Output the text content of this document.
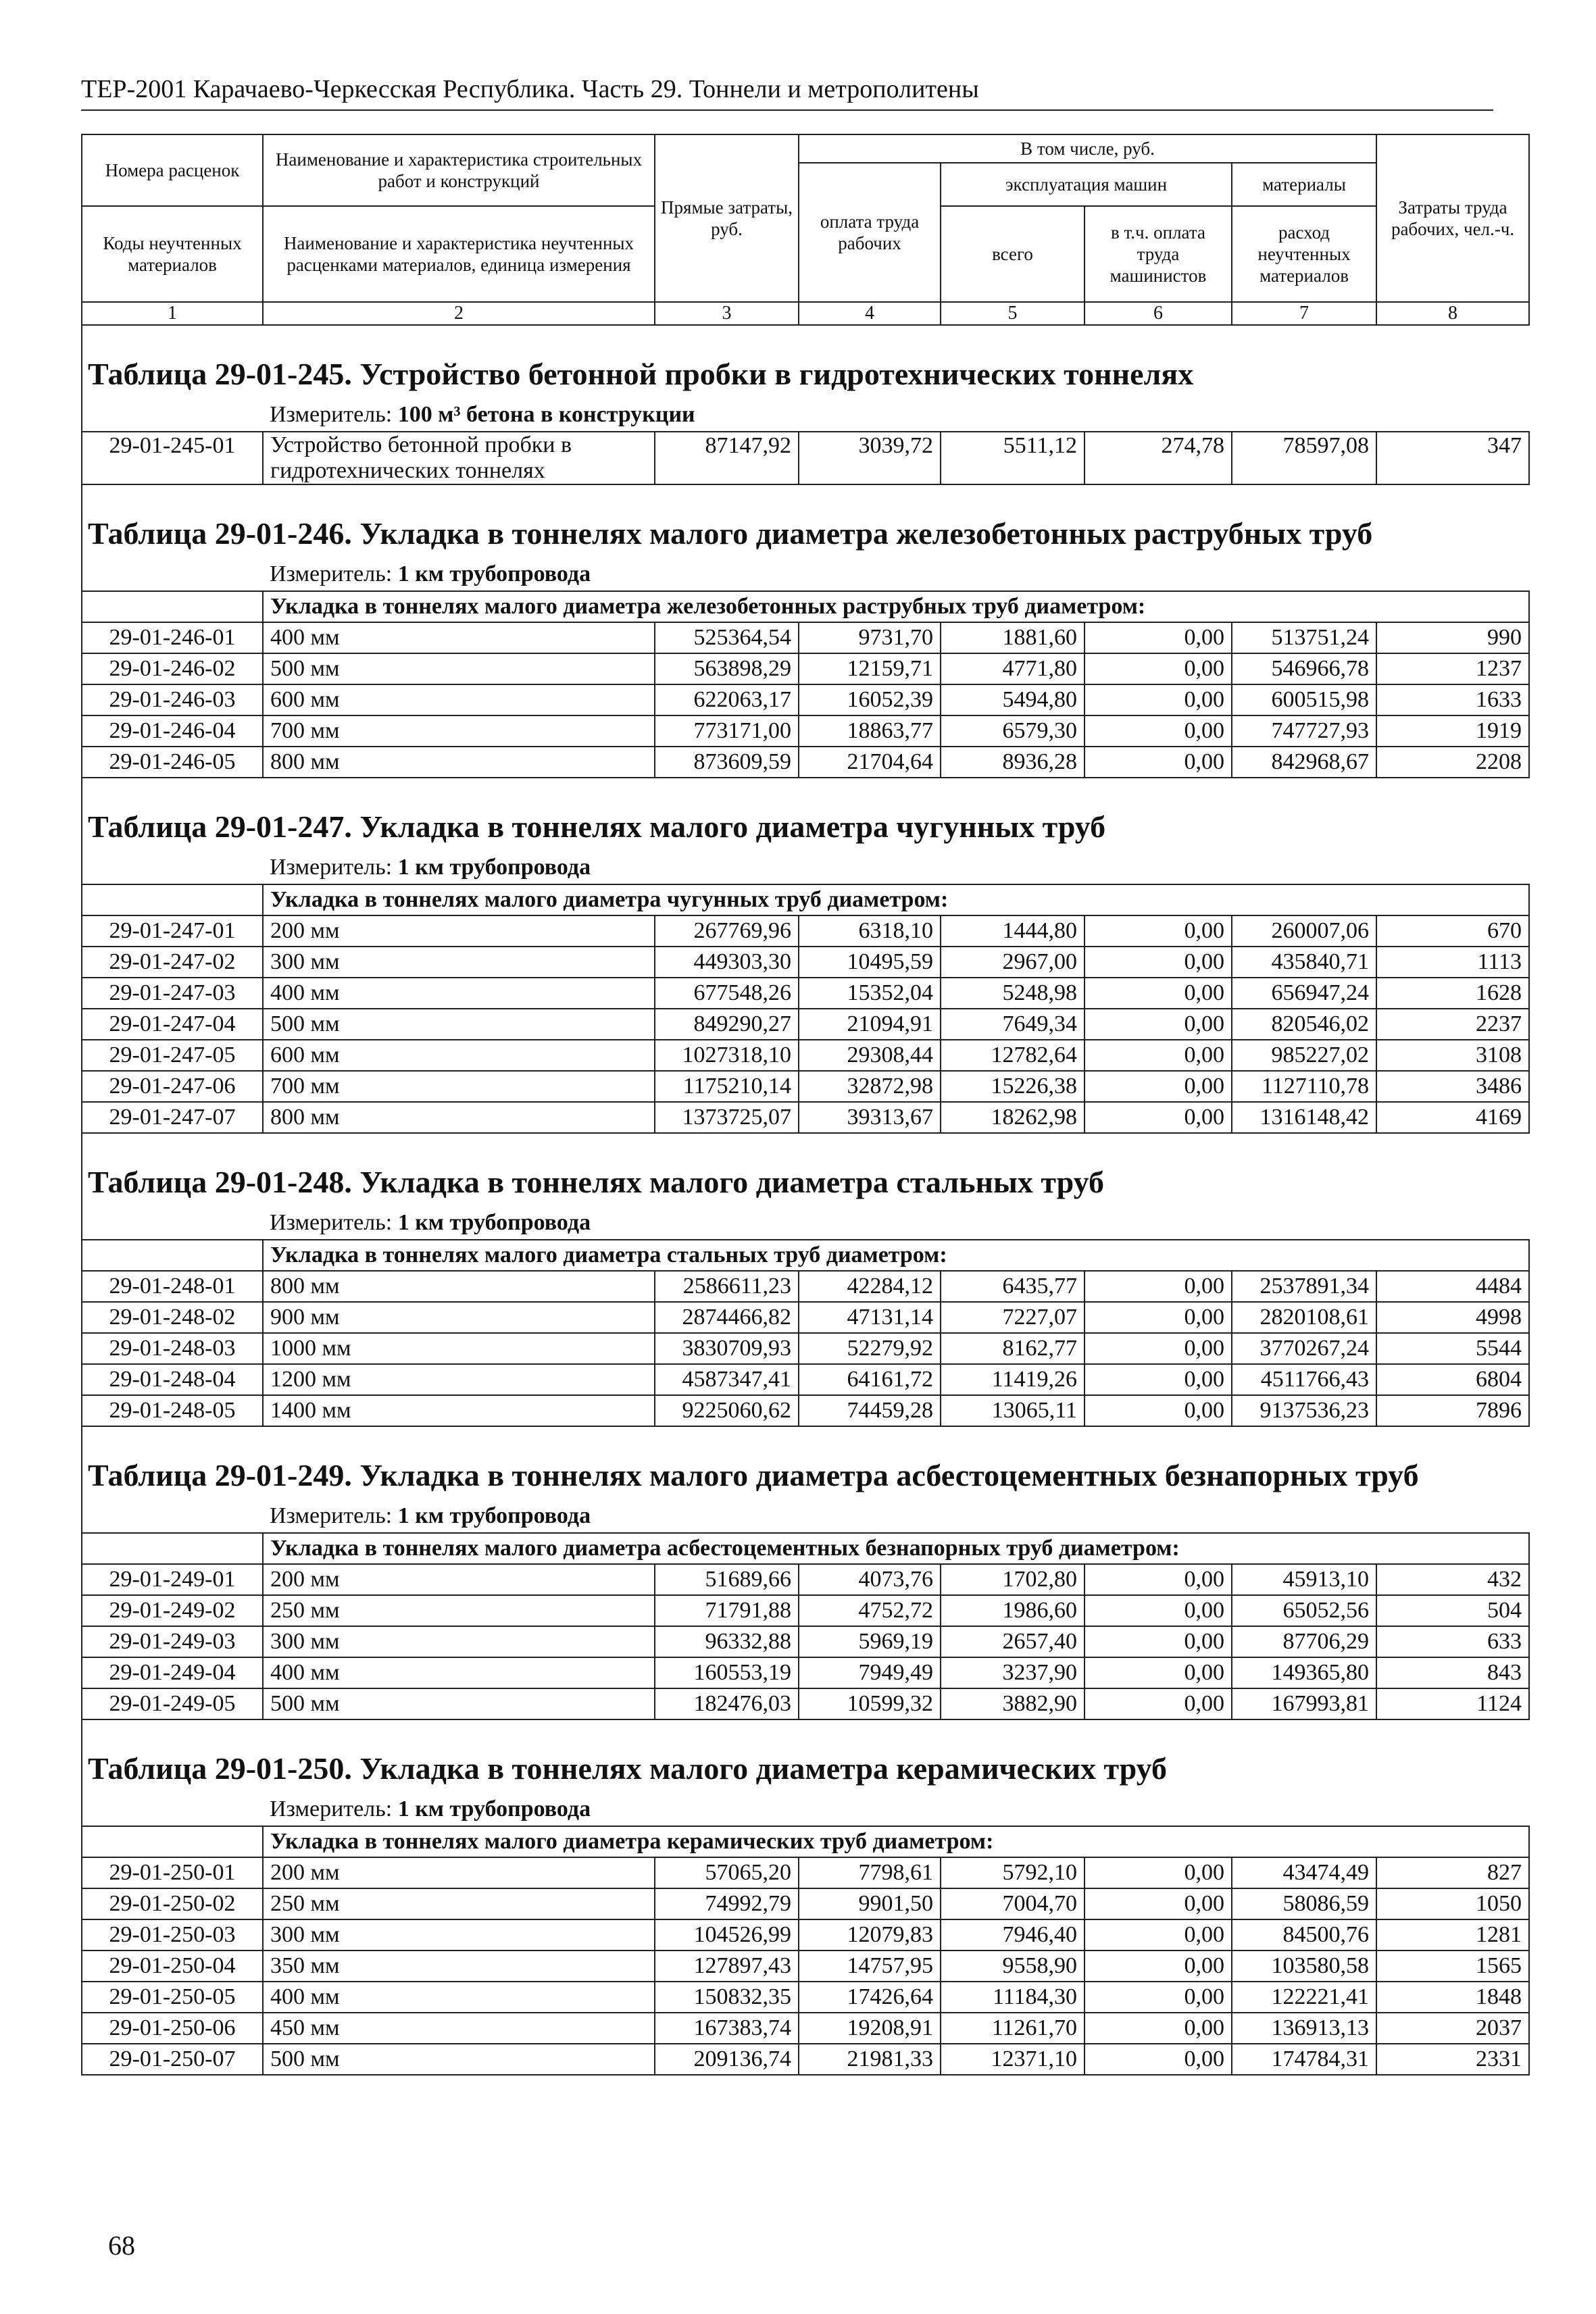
ТЕР-2001 Карачаево-Черкесская Республика. Часть 29. Тоннели и метрополитены
Номера расценок	Наименование и характеристика строительных работ и конструкций	Прямые затраты, руб.	В том числе, руб.				Затраты труда рабочих, чел.-ч.
			оплата труда рабочих	эксплуатация машин		материалы	
Коды неучтенных материалов	Наименование и характеристика неучтенных расценками материалов, единица измерения			всего	в т.ч. оплата труда машинистов	расход неучтенных материалов	

1	2	3	4	5	6	7	8

Таблица 29-01-245. Устройство бетонной пробки в гидротехнических тоннелях							
	Измеритель: 100 м³ бетона в конструкции						
29-01-245-01	Устройство бетонной пробки в гидротехнических тоннелях	87147,92	3039,72	5511,12	274,78	78597,08	347

Таблица 29-01-246. Укладка в тоннелях малого диаметра железобетонных раструбных труб							
	Измеритель: 1 км трубопровода						
	Укладка в тоннелях малого диаметра железобетонных раструбных труб диаметром:						
29-01-246-01	400 мм	525364,54	9731,70	1881,60	0,00	513751,24	990
29-01-246-02	500 мм	563898,29	12159,71	4771,80	0,00	546966,78	1237
29-01-246-03	600 мм	622063,17	16052,39	5494,80	0,00	600515,98	1633
29-01-246-04	700 мм	773171,00	18863,77	6579,30	0,00	747727,93	1919
29-01-246-05	800 мм	873609,59	21704,64	8936,28	0,00	842968,67	2208

Таблица 29-01-247. Укладка в тоннелях малого диаметра чугунных труб							
	Измеритель: 1 км трубопровода						
	Укладка в тоннелях малого диаметра чугунных труб диаметром:						
29-01-247-01	200 мм	267769,96	6318,10	1444,80	0,00	260007,06	670
29-01-247-02	300 мм	449303,30	10495,59	2967,00	0,00	435840,71	1113
29-01-247-03	400 мм	677548,26	15352,04	5248,98	0,00	656947,24	1628
29-01-247-04	500 мм	849290,27	21094,91	7649,34	0,00	820546,02	2237
29-01-247-05	600 мм	1027318,10	29308,44	12782,64	0,00	985227,02	3108
29-01-247-06	700 мм	1175210,14	32872,98	15226,38	0,00	1127110,78	3486
29-01-247-07	800 мм	1373725,07	39313,67	18262,98	0,00	1316148,42	4169

Таблица 29-01-248. Укладка в тоннелях малого диаметра стальных труб							
	Измеритель: 1 км трубопровода						
	Укладка в тоннелях малого диаметра стальных труб диаметром:						
29-01-248-01	800 мм	2586611,23	42284,12	6435,77	0,00	2537891,34	4484
29-01-248-02	900 мм	2874466,82	47131,14	7227,07	0,00	2820108,61	4998
29-01-248-03	1000 мм	3830709,93	52279,92	8162,77	0,00	3770267,24	5544
29-01-248-04	1200 мм	4587347,41	64161,72	11419,26	0,00	4511766,43	6804
29-01-248-05	1400 мм	9225060,62	74459,28	13065,11	0,00	9137536,23	7896

Таблица 29-01-249. Укладка в тоннелях малого диаметра асбестоцементных безнапорных труб							
	Измеритель: 1 км трубопровода						
	Укладка в тоннелях малого диаметра асбестоцементных безнапорных труб диаметром:						
29-01-249-01	200 мм	51689,66	4073,76	1702,80	0,00	45913,10	432
29-01-249-02	250 мм	71791,88	4752,72	1986,60	0,00	65052,56	504
29-01-249-03	300 мм	96332,88	5969,19	2657,40	0,00	87706,29	633
29-01-249-04	400 мм	160553,19	7949,49	3237,90	0,00	149365,80	843
29-01-249-05	500 мм	182476,03	10599,32	3882,90	0,00	167993,81	1124

Таблица 29-01-250. Укладка в тоннелях малого диаметра керамических труб							
	Измеритель: 1 км трубопровода						
	Укладка в тоннелях малого диаметра керамических труб диаметром:						
29-01-250-01	200 мм	57065,20	7798,61	5792,10	0,00	43474,49	827
29-01-250-02	250 мм	74992,79	9901,50	7004,70	0,00	58086,59	1050
29-01-250-03	300 мм	104526,99	12079,83	7946,40	0,00	84500,76	1281
29-01-250-04	350 мм	127897,43	14757,95	9558,90	0,00	103580,58	1565
29-01-250-05	400 мм	150832,35	17426,64	11184,30	0,00	122221,41	1848
29-01-250-06	450 мм	167383,74	19208,91	11261,70	0,00	136913,13	2037
29-01-250-07	500 мм	209136,74	21981,33	12371,10	0,00	174784,31	2331
68
